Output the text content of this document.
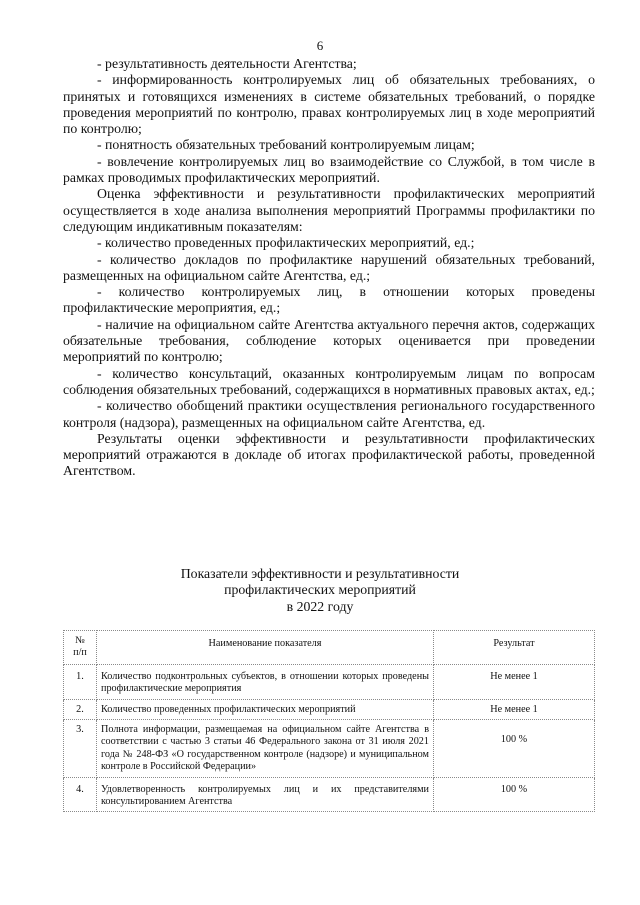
6

- результативность деятельности Агентства;

- информированность контролируемых лиц об обязательных требованиях, о принятых и готовящихся изменениях в системе обязательных требований, о порядке проведения мероприятий по контролю, правах контролируемых лиц в ходе мероприятий по контролю;

- понятность обязательных требований контролируемым лицам;

- вовлечение контролируемых лиц во взаимодействие со Службой, в том числе в рамках проводимых профилактических мероприятий.

Оценка эффективности и результативности профилактических мероприятий осуществляется в ходе анализа выполнения мероприятий Программы профилактики по следующим индикативным показателям:

- количество проведенных профилактических мероприятий, ед.;

- количество докладов по профилактике нарушений обязательных требований, размещенных на официальном сайте Агентства, ед.;

- количество контролируемых лиц, в отношении которых проведены профилактические мероприятия, ед.;

- наличие на официальном сайте Агентства актуального перечня актов, содержащих обязательные требования, соблюдение которых оценивается при проведении мероприятий по контролю;

- количество консультаций, оказанных контролируемым лицам по вопросам соблюдения обязательных требований, содержащихся в нормативных правовых актах, ед.;

- количество обобщений практики осуществления регионального государственного контроля (надзора), размещенных на официальном сайте Агентства, ед.

Результаты оценки эффективности и результативности профилактических мероприятий отражаются в докладе об итогах профилактической работы, проведенной Агентством.

Показатели эффективности и результативности
профилактических мероприятий
в 2022 году
№
п/п	Наименование показателя	Результат
1.	Количество подконтрольных субъектов, в отношении которых проведены профилактические мероприятия	Не менее 1
2.	Количество проведенных профилактических мероприятий	Не менее 1
3.	Полнота информации, размещаемая на официальном сайте Агентства в соответствии с частью 3 статьи 46 Федерального закона от 31 июля 2021 года № 248-ФЗ «О государственном контроле (надзоре) и муниципальном контроле в Российской Федерации»	100 %
4.	Удовлетворенность контролируемых лиц и их представителями консультированием Агентства	100 %
